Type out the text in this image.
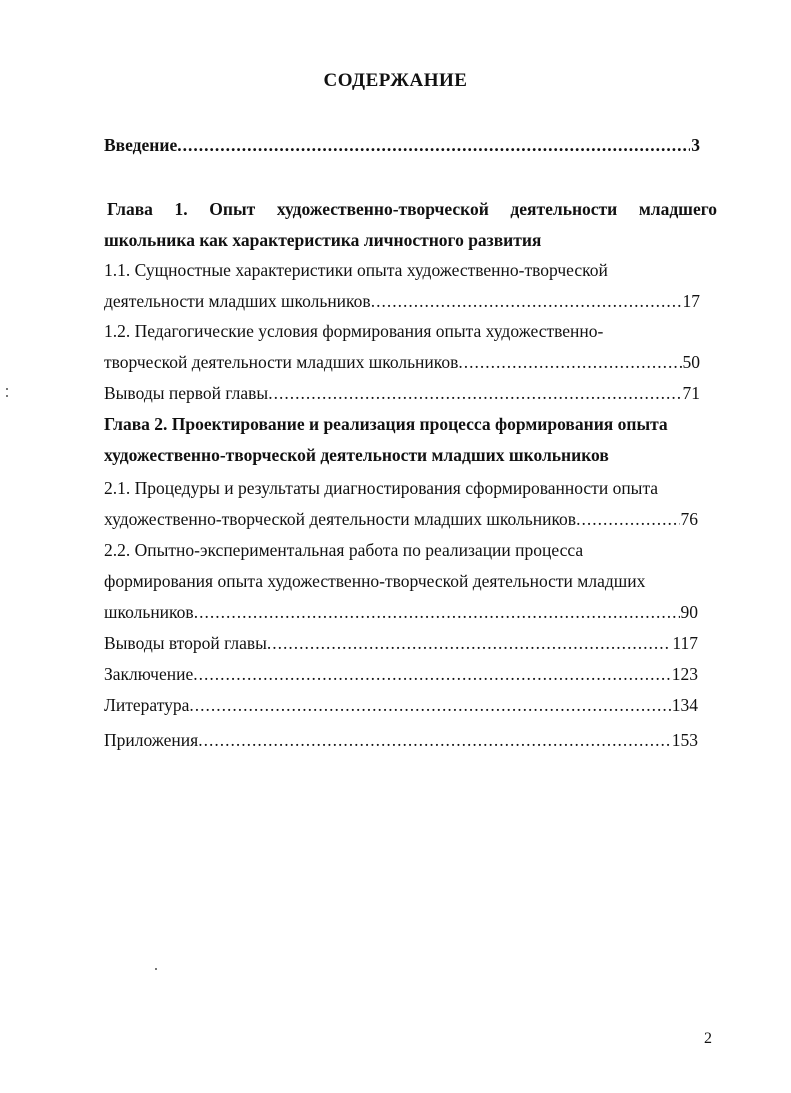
СОДЕРЖАНИЕ
Введение .....	3
Глава 1. Опыт художественно-творческой деятельности младшего
школьника как характеристика личностного развития
1.1. Сущностные характеристики опыта художественно-творческой
деятельности младших школьников .....	17
1.2. Педагогические условия формирования опыта художественно-
творческой деятельности младших школьников .....	50
Выводы первой главы .....	71
Глава 2. Проектирование и реализация процесса формирования опыта
художественно-творческой деятельности младших школьников
2.1. Процедуры и результаты диагностирования сформированности опыта
художественно-творческой деятельности младших школьников .....	76
2.2. Опытно-экспериментальная работа по реализации процесса
формирования опыта художественно-творческой деятельности младших
школьников .....	90
Выводы второй главы .....	117
Заключение .....	123
Литература .....	134
Приложения .....	153
2
